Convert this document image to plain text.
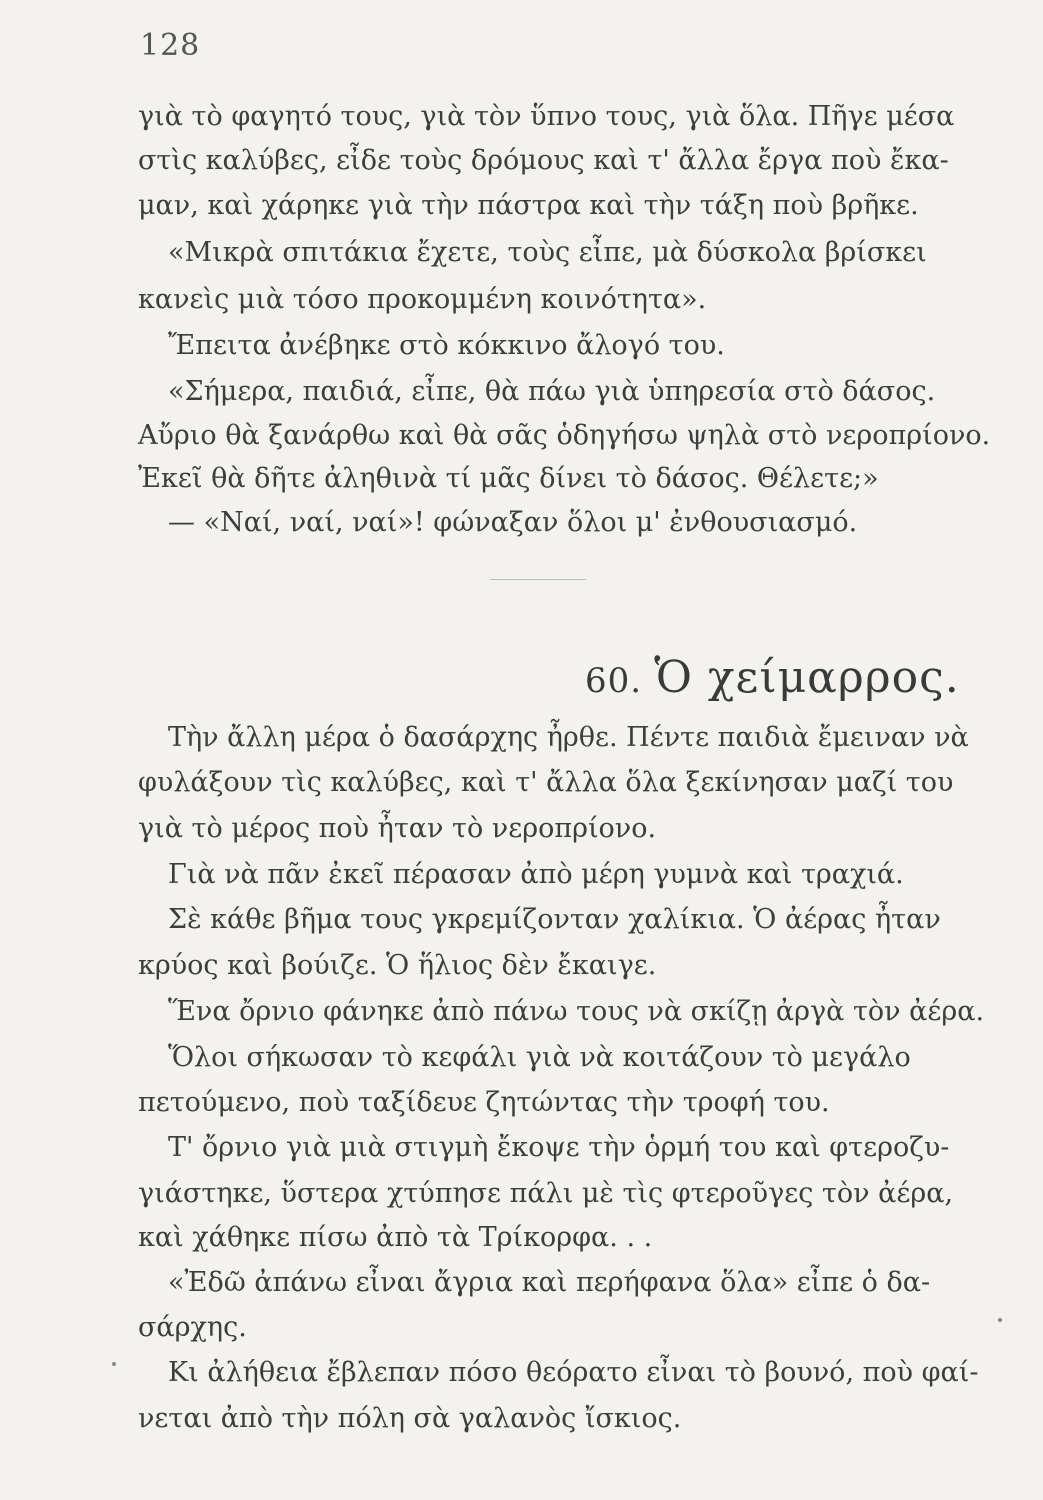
128
γιὰ τὸ φαγητό τους, γιὰ τὸν ὕπνο τους, γιὰ ὅλα. Πῆγε μέσα
στὶς καλύβες, εἶδε τοὺς δρόμους καὶ τ' ἄλλα ἔργα ποὺ ἔκα-
μαν, καὶ χάρηκε γιὰ τὴν πάστρα καὶ τὴν τάξη ποὺ βρῆκε.
«Μικρὰ σπιτάκια ἔχετε, τοὺς εἶπε, μὰ δύσκολα βρίσκει
κανεὶς μιὰ τόσο προκομμένη κοινότητα».
Ἔπειτα ἀνέβηκε στὸ κόκκινο ἄλογό του.
«Σήμερα, παιδιά, εἶπε, θὰ πάω γιὰ ὑπηρεσία στὸ δάσος.
Αὔριο θὰ ξανάρθω καὶ θὰ σᾶς ὁδηγήσω ψηλὰ στὸ νεροπρίονο.
Ἐκεῖ θὰ δῆτε ἀληθινὰ τί μᾶς δίνει τὸ δάσος. Θέλετε;»
— «Ναί, ναί, ναί»! φώναξαν ὅλοι μ' ἐνθουσιασμό.
60. Ὁ χείμαρρος.
Τὴν ἄλλη μέρα ὁ δασάρχης ἦρθε. Πέντε παιδιὰ ἔμειναν νὰ
φυλάξουν τὶς καλύβες, καὶ τ' ἄλλα ὅλα ξεκίνησαν μαζί του
γιὰ τὸ μέρος ποὺ ἦταν τὸ νεροπρίονο.
Γιὰ νὰ πᾶν ἐκεῖ πέρασαν ἀπὸ μέρη γυμνὰ καὶ τραχιά.
Σὲ κάθε βῆμα τους γκρεμίζονταν χαλίκια. Ὁ ἀέρας ἦταν
κρύος καὶ βούιζε. Ὁ ἥλιος δὲν ἔκαιγε.
Ἕνα ὄρνιο φάνηκε ἀπὸ πάνω τους νὰ σκίζῃ ἀργὰ τὸν ἀέρα.
Ὅλοι σήκωσαν τὸ κεφάλι γιὰ νὰ κοιτάζουν τὸ μεγάλο
πετούμενο, ποὺ ταξίδευε ζητώντας τὴν τροφή του.
Τ' ὄρνιο γιὰ μιὰ στιγμὴ ἔκοψε τὴν ὁρμή του καὶ φτεροζυ-
γιάστηκε, ὕστερα χτύπησε πάλι μὲ τὶς φτεροῦγες τὸν ἀέρα,
καὶ χάθηκε πίσω ἀπὸ τὰ Τρίκορφα. . .
«Ἐδῶ ἀπάνω εἶναι ἄγρια καὶ περήφανα ὅλα» εἶπε ὁ δα-
σάρχης.
Κι ἀλήθεια ἔβλεπαν πόσο θεόρατο εἶναι τὸ βουνό, ποὺ φαί-
νεται ἀπὸ τὴν πόλη σὰ γαλανὸς ἴσκιος.
